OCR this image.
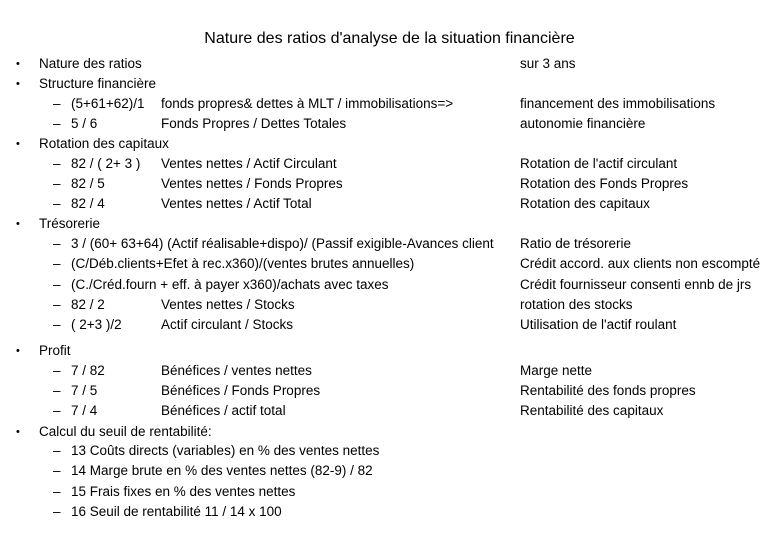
Nature des ratios d'analyse de la situation financière
• Nature des ratios	sur 3 ans
• Structure financière
– (5+61+62)/1	fonds propres& dettes à MLT / immobilisations=>	financement des immobilisations
– 5 / 6	Fonds Propres / Dettes Totales	autonomie financière
• Rotation des capitaux
– 82 / ( 2+ 3 )	Ventes nettes / Actif Circulant	Rotation de l'actif circulant
– 82 / 5	Ventes nettes / Fonds Propres	Rotation des Fonds Propres
– 82 / 4	Ventes nettes / Actif Total	Rotation des capitaux
• Trésorerie
– 3 / (60+ 63+64) (Actif réalisable+dispo)/ (Passif exigible-Avances client	Ratio de trésorerie
– (C/Déb.clients+Efet à rec.x360)/(ventes brutes annuelles)	Crédit accord. aux clients non escompté
– (C./Créd.fourn + eff. à payer x360)/achats avec taxes	Crédit fournisseur consenti ennb de jrs
– 82 / 2	Ventes nettes / Stocks	rotation des stocks
– ( 2+3 )/2	Actif circulant / Stocks	Utilisation de l'actif roulant
• Profit
– 7 / 82	Bénéfices / ventes nettes	Marge nette
– 7 / 5	Bénéfices / Fonds Propres	Rentabilité des fonds propres
– 7 / 4	Bénéfices / actif total	Rentabilité des capitaux
• Calcul du seuil de rentabilité:
– 13 Coûts directs (variables) en % des ventes nettes
– 14 Marge brute en % des ventes nettes (82-9) / 82
– 15 Frais fixes en % des ventes nettes
– 16 Seuil de rentabilité 11 / 14 x 100
